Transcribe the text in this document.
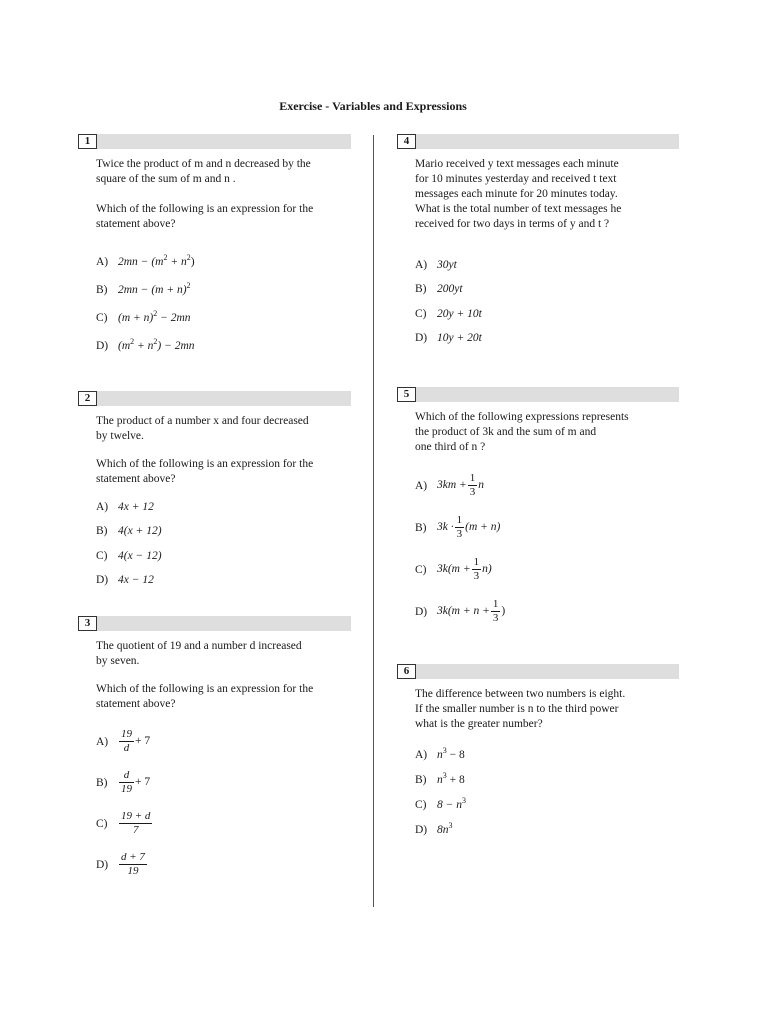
Exercise - Variables and Expressions
1
Twice the product of m and n decreased by the
square of the sum of m and n .
Which of the following is an expression for the
statement above?
A) $2mn - (m^2 + n^2)$
B) $2mn - (m + n)^2$
C) $(m + n)^2 - 2mn$
D) $(m^2 + n^2) - 2mn$
2
The product of a number x and four decreased
by twelve.
Which of the following is an expression for the
statement above?
A) 4x + 12
B) 4(x + 12)
C) 4(x − 12)
D) 4x − 12
3
The quotient of 19 and a number d increased
by seven.
Which of the following is an expression for the
statement above?
$A) \frac{19}{d} + 7$
$B) \frac{d}{19} + 7$
$C) \frac{19 + d}{7}$
$D) \frac{d + 7}{19}$
4
Mario received y text messages each minute
for 10 minutes yesterday and received t text
messages each minute for 20 minutes today.
What is the total number of text messages he
received for two days in terms of y and t ?
A) 30yt
B) 200yt
C) 20y + 10t
D) 10y + 20t
5
Which of the following expressions represents
the product of 3k and the sum of m and
one third of n ?
A) $3km + \frac{1}{3}$ n
B) $3k \cdot \frac{1}{3} (m + n)$
C) $3k(m + \frac{1}{3} n)$
D) $3k(m + n + \frac{1}{3}$ )
6
The difference between two numbers is eight.
If the smaller number is n to the third power
what is the greater number?
A) $n^3 - 8$
B) $n^3 + 8$
C) $8 - n^3$
D) $8n^3$
